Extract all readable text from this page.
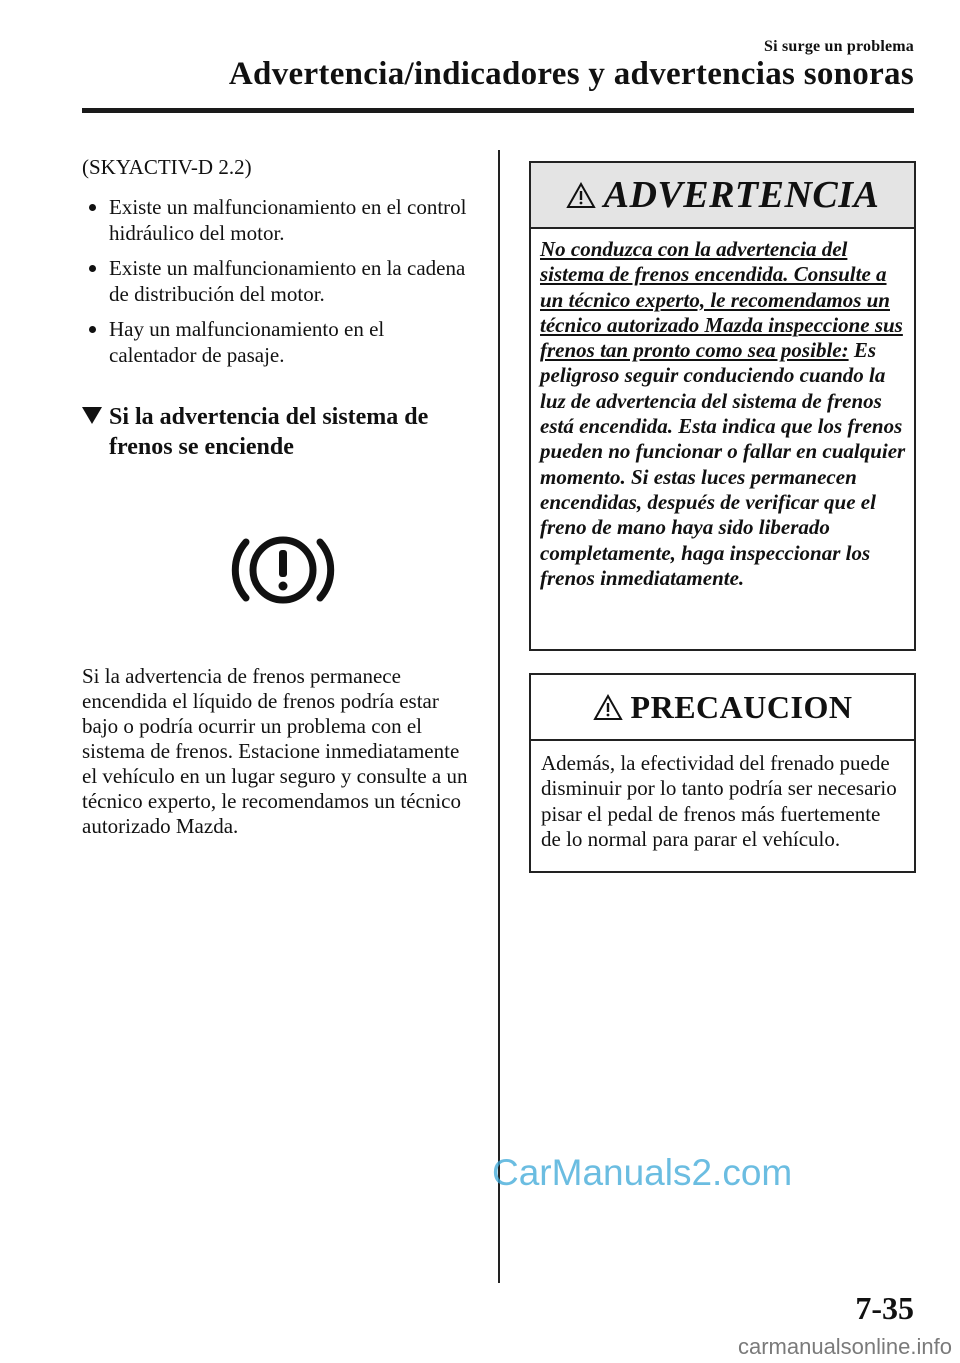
Si surge un problema
Advertencia/indicadores y advertencias sonoras
(SKYACTIV-D 2.2)
Existe un malfuncionamiento en el control hidráulico del motor.
Existe un malfuncionamiento en la cadena de distribución del motor.
Hay un malfuncionamiento en el calentador de pasaje.
Si la advertencia del sistema de frenos se enciende
Si la advertencia de frenos permanece encendida el líquido de frenos podría estar bajo o podría ocurrir un problema con el sistema de frenos. Estacione inmediatamente el vehículo en un lugar seguro y consulte a un técnico experto, le recomendamos un técnico autorizado Mazda.
ADVERTENCIA
No conduzca con la advertencia del sistema de frenos encendida. Consulte a un técnico experto, le recomendamos un técnico autorizado Mazda inspeccione sus frenos tan pronto como sea posible: Es peligroso seguir conduciendo cuando la luz de advertencia del sistema de frenos está encendida. Esta indica que los frenos pueden no funcionar o fallar en cualquier momento. Si estas luces permanecen encendidas, después de verificar que el freno de mano haya sido liberado completamente, haga inspeccionar los frenos inmediatamente.
PRECAUCION
Además, la efectividad del frenado puede disminuir por lo tanto podría ser necesario pisar el pedal de frenos más fuertemente de lo normal para parar el vehículo.
CarManuals2.com
7-35
carmanualsonline.info
